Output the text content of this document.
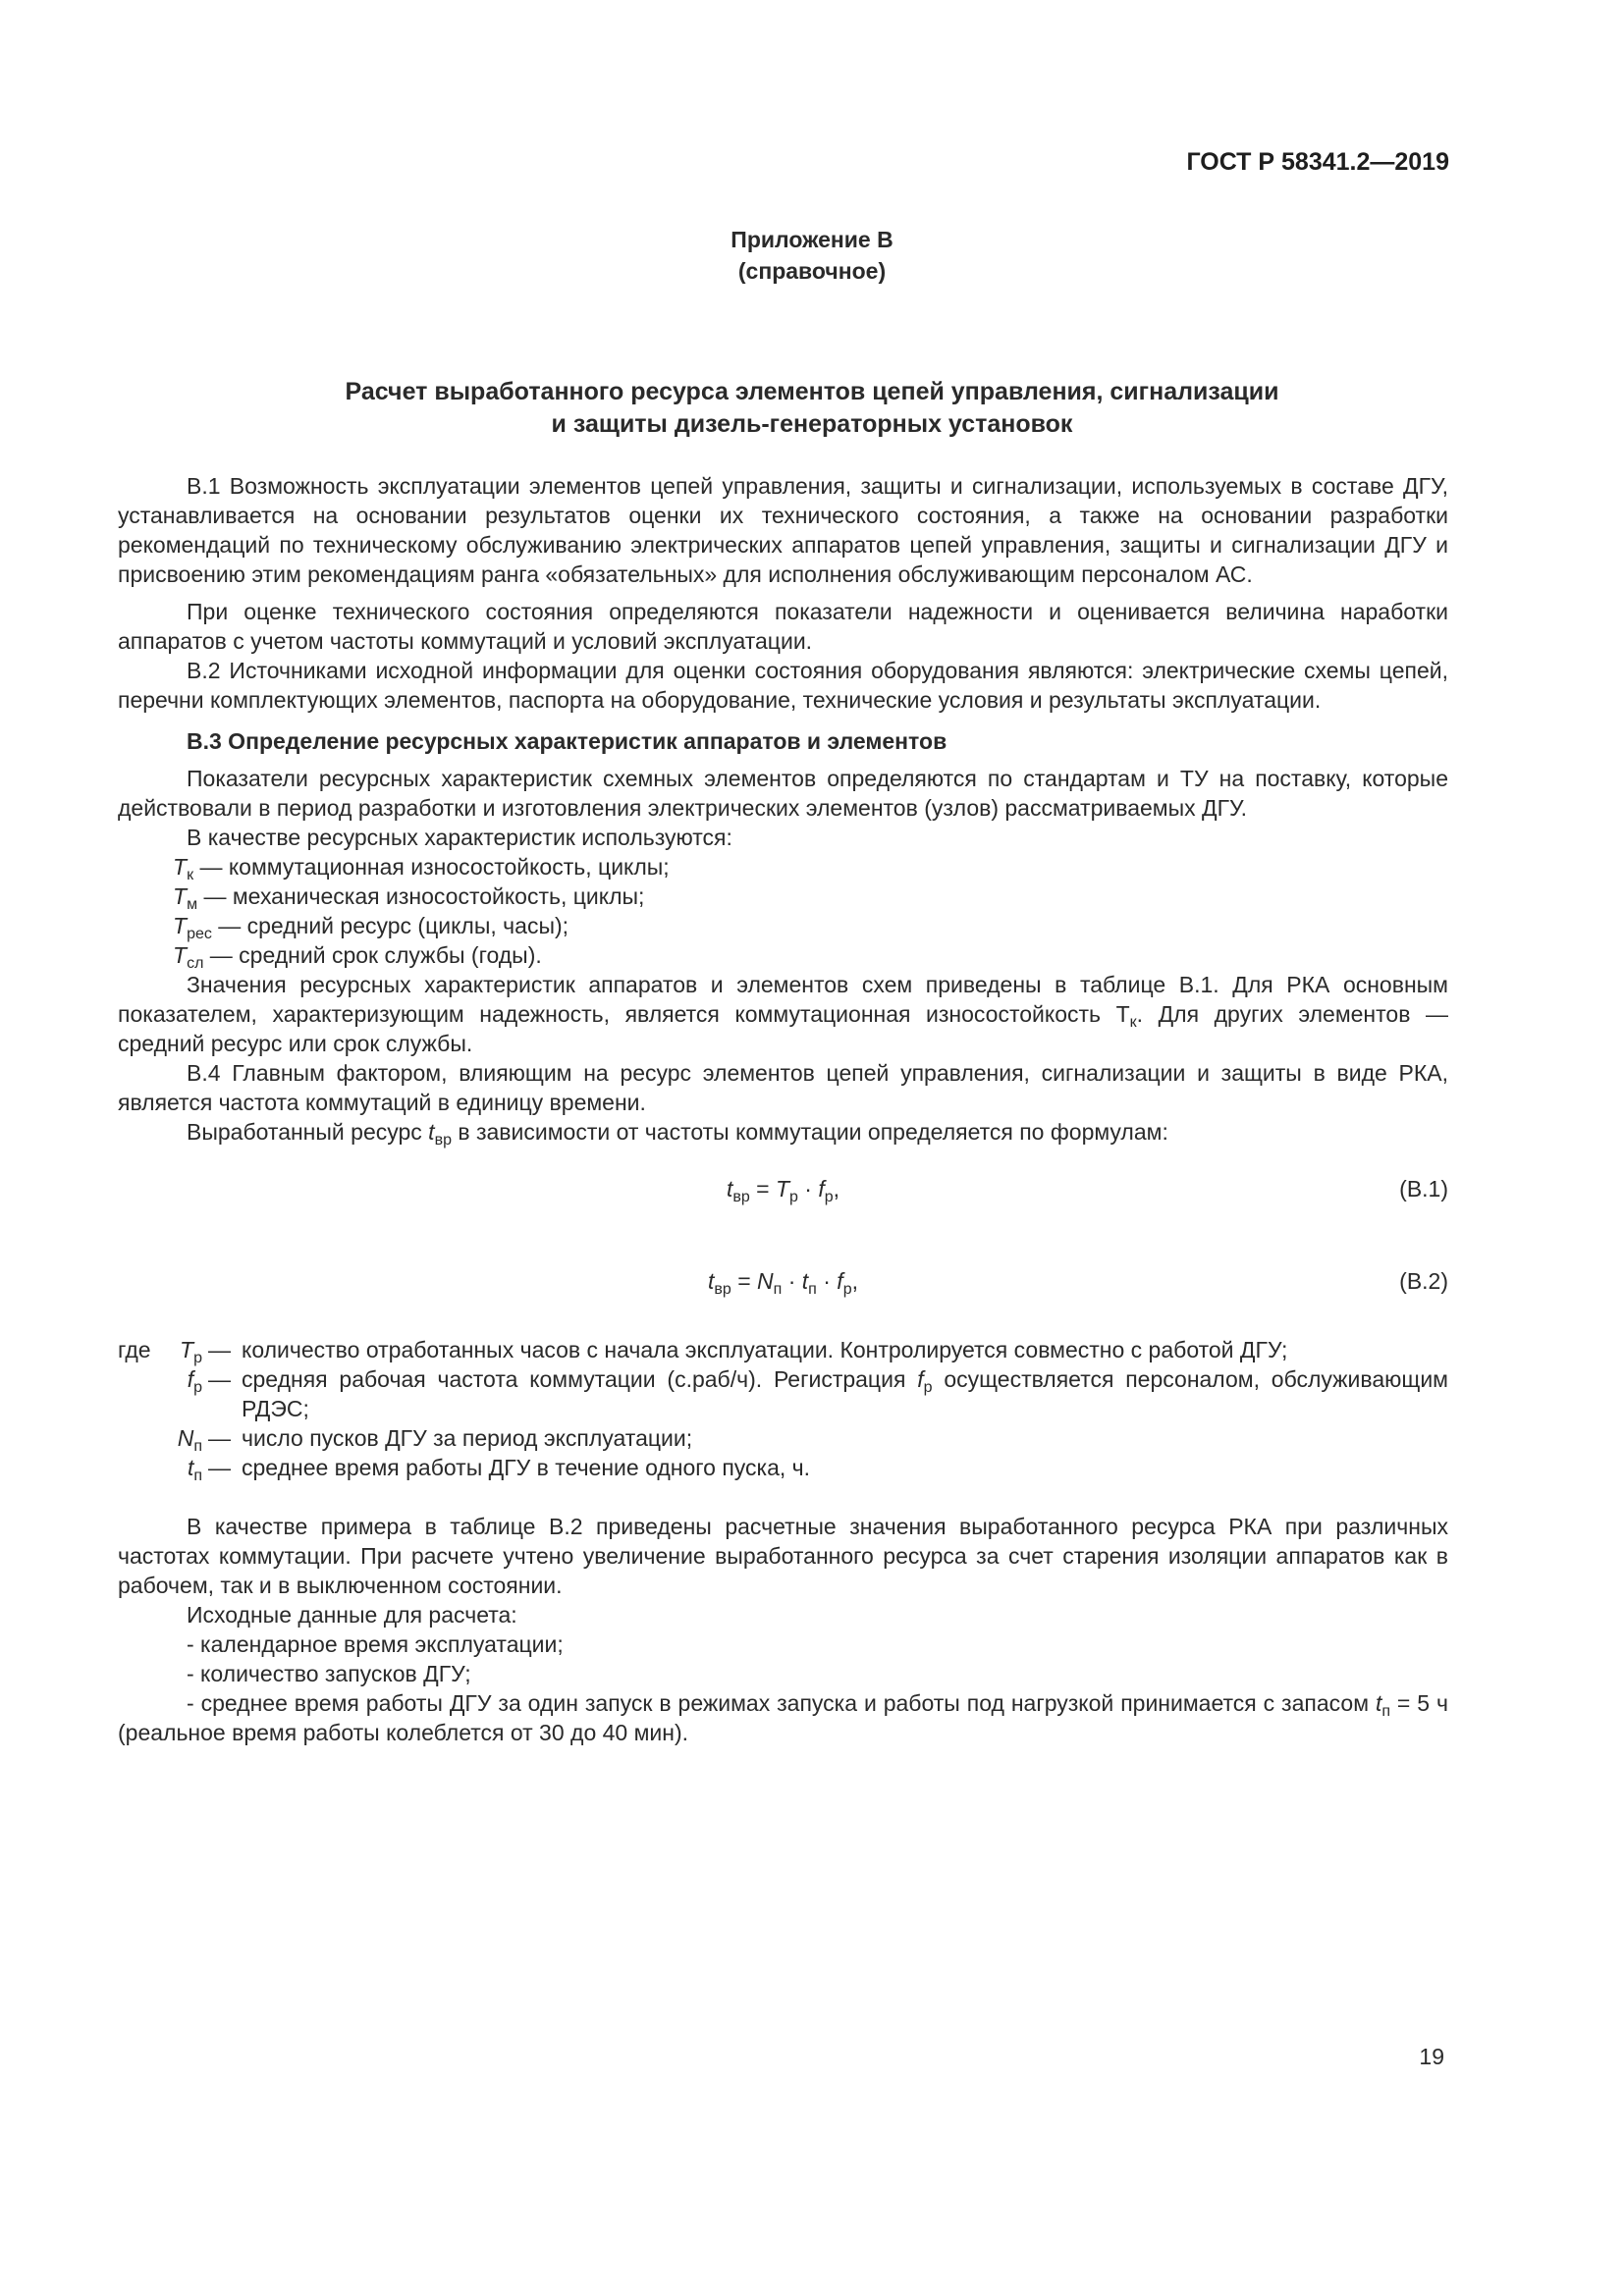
ГОСТ Р 58341.2—2019
Приложение В
(справочное)
Расчет выработанного ресурса элементов цепей управления, сигнализации
и защиты дизель-генераторных установок

В.1 Возможность эксплуатации элементов цепей управления, защиты и сигнализации, используемых в составе ДГУ, устанавливается на основании результатов оценки их технического состояния, а также на основании разработки рекомендаций по техническому обслуживанию электрических аппаратов цепей управления, защиты и сигнализации ДГУ и присвоению этим рекомендациям ранга «обязательных» для исполнения обслуживающим персоналом АС.

При оценке технического состояния определяются показатели надежности и оценивается величина наработки аппаратов с учетом частоты коммутаций и условий эксплуатации.

В.2 Источниками исходной информации для оценки состояния оборудования являются: электрические схемы цепей, перечни комплектующих элементов, паспорта на оборудование, технические условия и результаты эксплуатации.

В.3 Определение ресурсных характеристик аппаратов и элементов

Показатели ресурсных характеристик схемных элементов определяются по стандартам и ТУ на поставку, которые действовали в период разработки и изготовления электрических элементов (узлов) рассматриваемых ДГУ.

В качестве ресурсных характеристик используются:

$T_к$ — коммутационная износостойкость, циклы;

$T_м$ — механическая износостойкость, циклы;

$T_{рес}$ — средний ресурс (циклы, часы);

$T_{сл}$ — средний срок службы (годы).

Значения ресурсных характеристик аппаратов и элементов схем приведены в таблице В.1. Для РКА основным показателем, характеризующим надежность, является коммутационная износостойкость $Т_к$. Для других элементов — средний ресурс или срок службы.

В.4 Главным фактором, влияющим на ресурс элементов цепей управления, сигнализации и защиты в виде РКА, является частота коммутаций в единицу времени.

Выработанный ресурс $t_{вр}$ в зависимости от частоты коммутации определяется по формулам:

$t_{вр} = T_р \cdot f_р$,	(В.1)
$t_{вр} = N_п \cdot t_п \cdot f_р$,	(В.2)
где	$T_р$	—	количество отработанных часов с начала эксплуатации. Контролируется совместно с работой ДГУ;
	$f_р$	—	средняя рабочая частота коммутации (с.раб/ч). Регистрация $f_р$ осуществляется персоналом, обслуживающим РДЭС;
	$N_п$	—	число пусков ДГУ за период эксплуатации;
	$t_п$	—	среднее время работы ДГУ в течение одного пуска, ч.

В качестве примера в таблице В.2 приведены расчетные значения выработанного ресурса РКА при различных частотах коммутации. При расчете учтено увеличение выработанного ресурса за счет старения изоляции аппаратов как в рабочем, так и в выключенном состоянии.

Исходные данные для расчета:

- календарное время эксплуатации;

- количество запусков ДГУ;

- среднее время работы ДГУ за один запуск в режимах запуска и работы под нагрузкой принимается с запасом $t_п = 5$ ч (реальное время работы колеблется от 30 до 40 мин).

19
